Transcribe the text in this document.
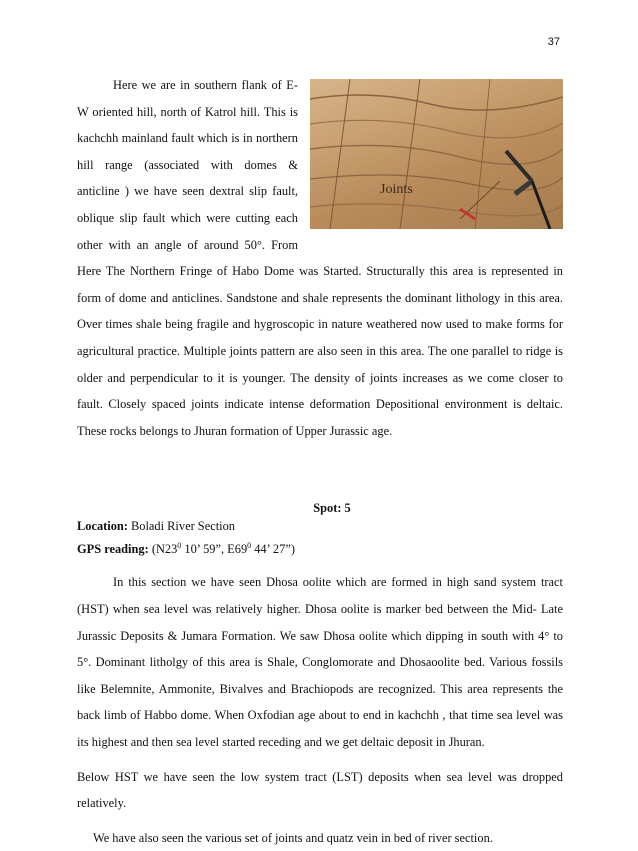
37
Joints

Here we are in southern flank of E-W oriented hill, north of Katrol hill. This is kachchh mainland fault which is in northern hill range (associated with domes & anticline ) we have seen dextral slip fault, oblique slip fault which were cutting each other with an angle of around 50°. From Here The Northern Fringe of Habo Dome was Started. Structurally this area is represented in form of dome and anticlines. Sandstone and shale represents the dominant lithology in this area. Over times shale being fragile and hygroscopic in nature weathered now used to make forms for agricultural practice. Multiple joints pattern are also seen in this area. The one parallel to ridge is older and perpendicular to it is younger. The density of joints increases as we come closer to fault. Closely spaced joints indicate intense deformation Depositional environment is deltaic. These rocks belongs to Jhuran formation of Upper Jurassic age.

Spot: 5

Location: Boladi River Section

GPS reading: ($N23^0$ 10’ 59”, $E69^0$ 44’ 27”)

In this section we have seen Dhosa oolite which are formed in high sand system tract (HST) when sea level was relatively higher. Dhosa oolite is marker bed between the Mid- Late Jurassic Deposits & Jumara Formation. We saw Dhosa oolite which dipping in south with 4° to 5°. Dominant litholgy of this area is Shale, Conglomorate and Dhosaoolite bed. Various fossils like Belemnite, Ammonite, Bivalves and Brachiopods are recognized. This area represents the back limb of Habbo dome. When Oxfodian age about to end in kachchh , that time sea level was its highest and then sea level started receding and we get deltaic deposit in Jhuran.

Below HST we have seen the low system tract (LST) deposits when sea level was dropped relatively.

We have also seen the various set of joints and quatz vein in bed of river section.
